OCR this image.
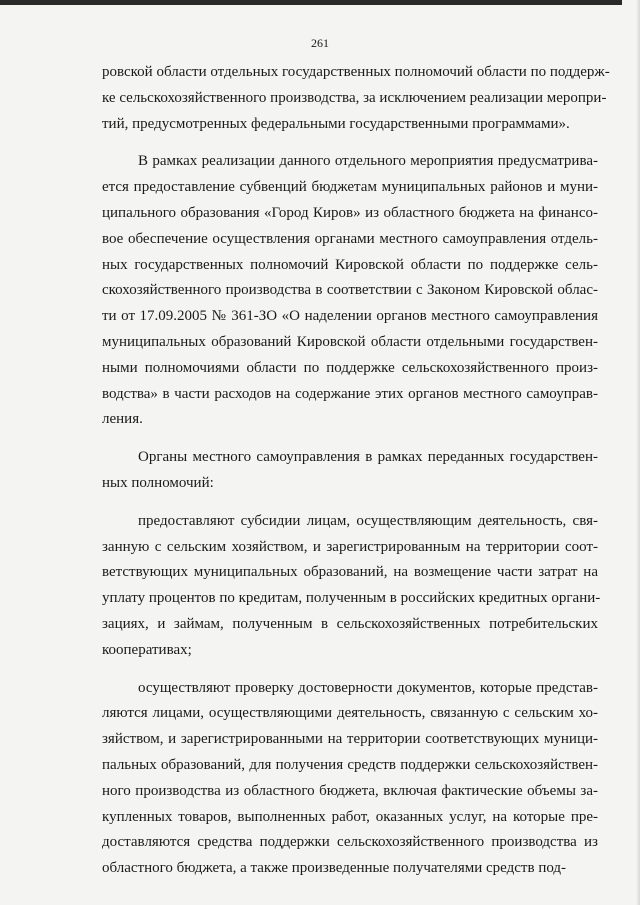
261

ровской области отдельных государственных полномочий области по поддерж-
ке сельскохозяйственного производства, за исключением реализации меропри-
тий, предусмотренных федеральными государственными программами».

В рамках реализации данного отдельного мероприятия предусматрива-
ется предоставление субвенций бюджетам муниципальных районов и муни-
ципального образования «Город Киров» из областного бюджета на финансо-
вое обеспечение осуществления органами местного самоуправления отдель-
ных государственных полномочий Кировской области по поддержке сель-
скохозяйственного производства в соответствии с Законом Кировской облас-
ти от 17.09.2005 № 361-ЗО «О наделении органов местного самоуправления
муниципальных образований Кировской области отдельными государствен-
ными полномочиями области по поддержке сельскохозяйственного произ-
водства» в части расходов на содержание этих органов местного самоуправ-
ления.

Органы местного самоуправления в рамках переданных государствен-
ных полномочий:

предоставляют субсидии лицам, осуществляющим деятельность, свя-
занную с сельским хозяйством, и зарегистрированным на территории соот-
ветствующих муниципальных образований, на возмещение части затрат на
уплату процентов по кредитам, полученным в российских кредитных органи-
зациях, и займам, полученным в сельскохозяйственных потребительских
кооперативах;

осуществляют проверку достоверности документов, которые представ-
ляются лицами, осуществляющими деятельность, связанную с сельским хо-
зяйством, и зарегистрированными на территории соответствующих муници-
пальных образований, для получения средств поддержки сельскохозяйствен-
ного производства из областного бюджета, включая фактические объемы за-
купленных товаров, выполненных работ, оказанных услуг, на которые пре-
доставляются средства поддержки сельскохозяйственного производства из
областного бюджета, а также произведенные получателями средств под-
